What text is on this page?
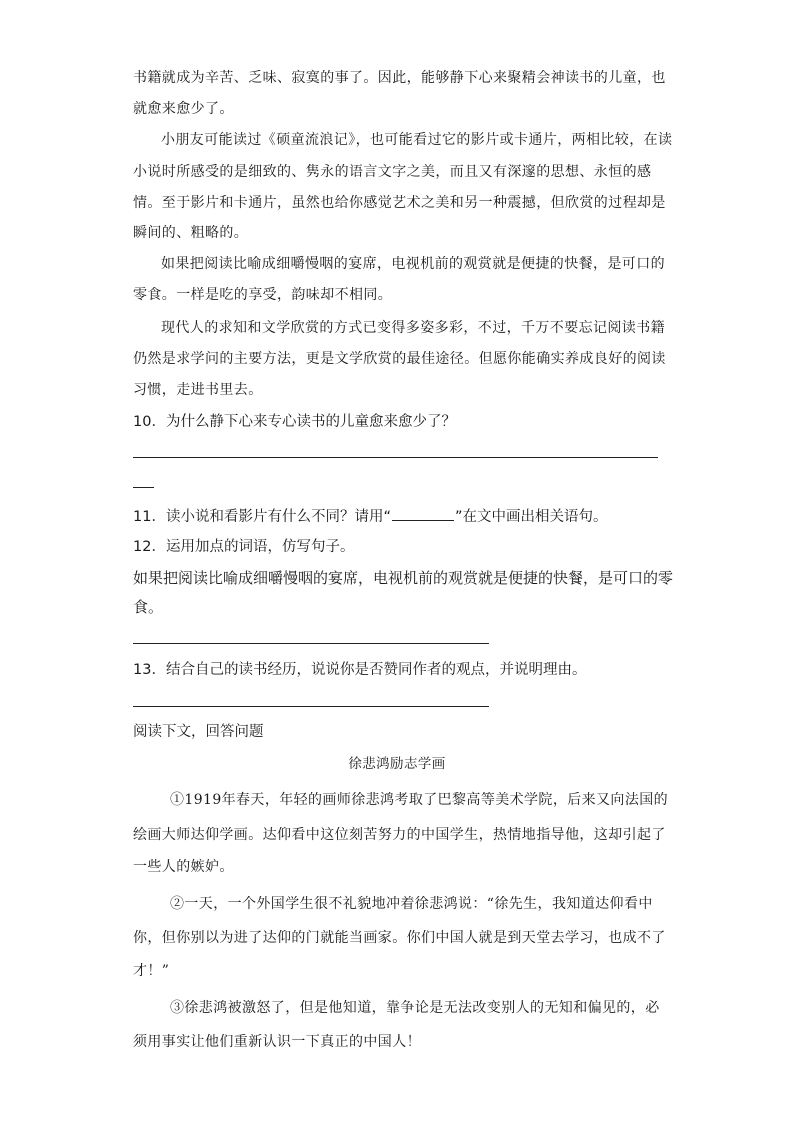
书籍就成为辛苦、乏味、寂寞的事了。因此，能够静下心来聚精会神读书的儿童，也
就愈来愈少了。
小朋友可能读过《硕童流浪记》，也可能看过它的影片或卡通片，两相比较，在读
小说时所感受的是细致的、隽永的语言文字之美，而且又有深邃的思想、永恒的感
情。至于影片和卡通片，虽然也给你感觉艺术之美和另一种震撼，但欣赏的过程却是
瞬间的、粗略的。
如果把阅读比喻成细嚼慢咽的宴席，电视机前的观赏就是便捷的快餐，是可口的
零食。一样是吃的享受，韵味却不相同。
现代人的求知和文学欣赏的方式已变得多姿多彩，不过，千万不要忘记阅读书籍
仍然是求学问的主要方法，更是文学欣赏的最佳途径。但愿你能确实养成良好的阅读
习惯，走进书里去。
10．为什么静下心来专心读书的儿童愈来愈少了？
11．读小说和看影片有什么不同？请用“	”在文中画出相关语句。
12．运用加点的词语，仿写句子。
如果把阅读比喻成细嚼慢咽的宴席，电视机前的观赏就是便捷的快餐，是可口的零
食。
13．结合自己的读书经历，说说你是否赞同作者的观点，并说明理由。
阅读下文，回答问题
徐悲鸿励志学画
①1919年春天，年轻的画师徐悲鸿考取了巴黎高等美术学院，后来又向法国的
绘画大师达仰学画。达仰看中这位刻苦努力的中国学生，热情地指导他，这却引起了
一些人的嫉妒。
②一天，一个外国学生很不礼貌地冲着徐悲鸿说：“徐先生，我知道达仰看中
你，但你别以为进了达仰的门就能当画家。你们中国人就是到天堂去学习，也成不了
才！”
③徐悲鸿被激怒了，但是他知道，靠争论是无法改变别人的无知和偏见的，必
须用事实让他们重新认识一下真正的中国人！
